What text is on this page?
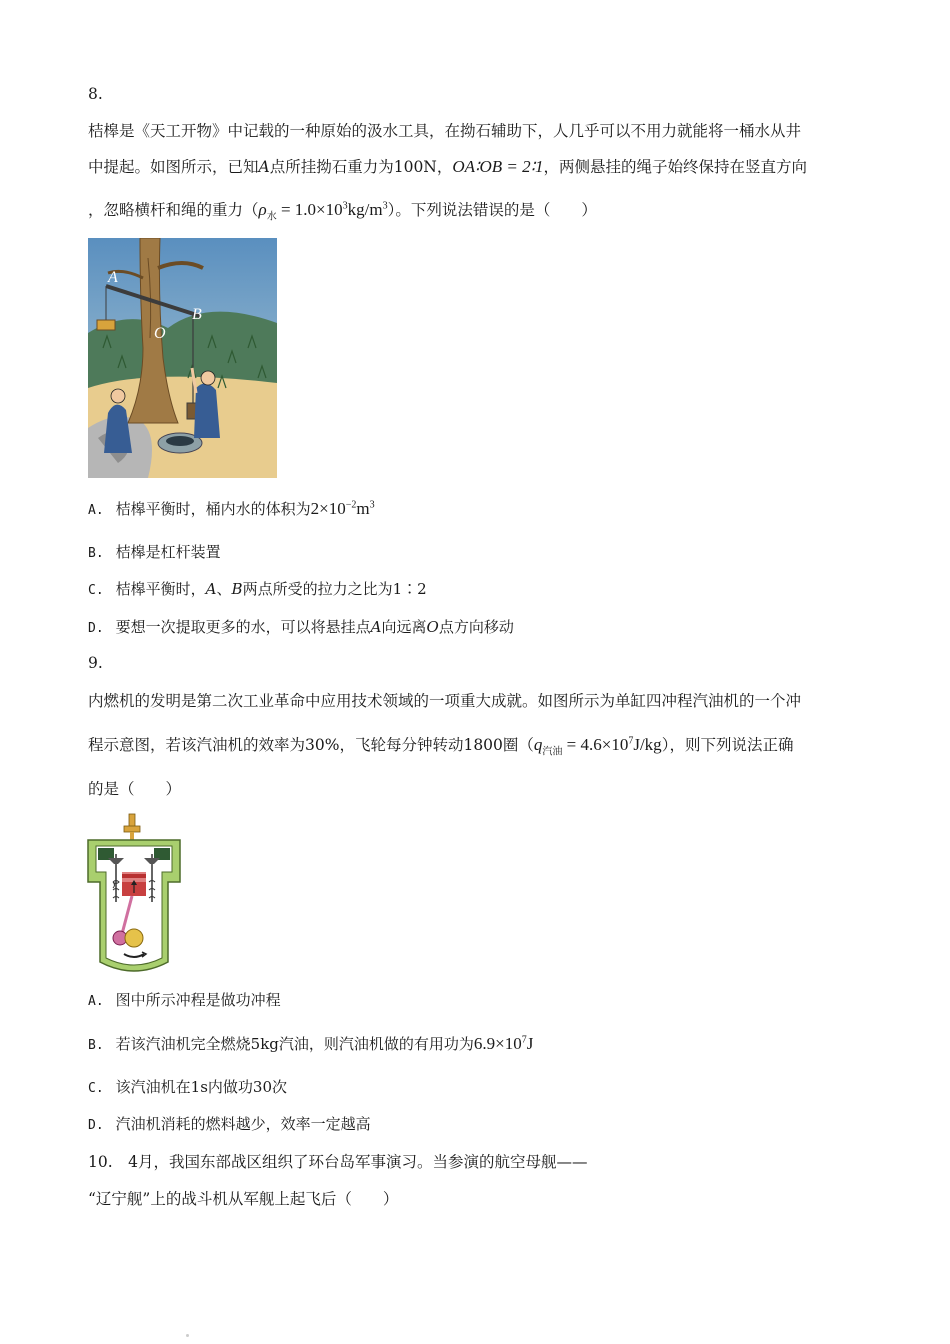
8.
桔槔是《天工开物》中记载的一种原始的汲水工具，在拗石辅助下，人几乎可以不用力就能将一桶水从井
中提起。如图所示，已知A点所挂拗石重力为100N，OA∶OB = 2∶1，两侧悬挂的绳子始终保持在竖直方向
，忽略横杆和绳的重力$(\rho_水 = 1.0\times 10^3kg/m^3)$。下列说法错误的是（　　）
A
B
O
A. 桔槔平衡时，桶内水的体积为$2\times 10^{-2}m^3$
B. 桔槔是杠杆装置
C. 桔槔平衡时，A、B两点所受的拉力之比为1∶2
D. 要想一次提取更多的水，可以将悬挂点A向远离O点方向移动
9.
内燃机的发明是第二次工业革命中应用技术领域的一项重大成就。如图所示为单缸四冲程汽油机的一个冲
程示意图，若该汽油机的效率为30%，飞轮每分钟转动1800圈$(q_{汽油} = 4.6\times 10^7J/kg)$，则下列说法正确
的是（　　）
A. 图中所示冲程是做功冲程
B. 若该汽油机完全燃烧5kg汽油，则汽油机做的有用功为$6.9\times 10^7J$
C. 该汽油机在1s内做功30次
D. 汽油机消耗的燃料越少，效率一定越高
10.　4月，我国东部战区组织了环台岛军事演习。当参演的航空母舰——
“辽宁舰”上的战斗机从军舰上起飞后（　　）
